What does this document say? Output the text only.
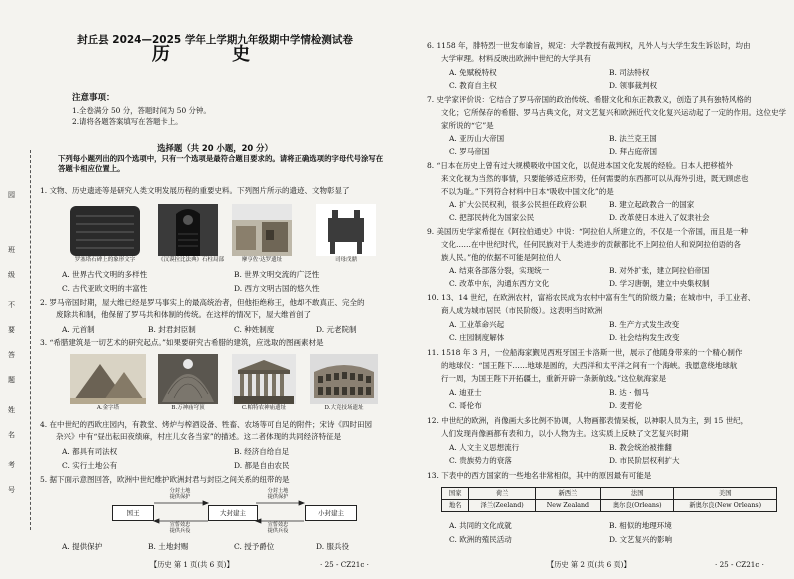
园
班
级
不
要
答
题
姓
名
考
号
封丘县 2024—2025 学年上学期九年级期中学情检测试卷
历 史
注意事项：
1.全卷满分 50 分，答题时间为 50 分钟。
2.请将各题答案填写在答题卡上。
选择题（共 20 小题，20 分）
下列每小题列出的四个选项中，只有一个选项是最符合题目要求的。请将正确选项的字母代号涂写在答题卡相应位置上。
1. 文物、历史遗迹等是研究人类文明发展历程的重要史料。下列图片所示的遗迹、文物彰显了
罗塞塔石碑上的象形文字	《汉谟拉比法典》石柱局部	摩亨佐·达罗遗址	司母戊鼎
A. 世界古代文明的多样性	B. 世界文明交流的广泛性
C. 古代亚欧文明的丰富性	D. 西方文明古国的悠久性
2. 罗马帝国时期，屋大维已经是罗马事实上的最高统治者，但他拒绝称王，他却不敢真正、完全的
废除共和制，他保留了罗马共和体制的传统。在这样的情况下，屋大维首创了
A. 元首制	B. 封君封臣制	C. 种姓制度	D. 元老院制
3. “希腊建筑是一切艺术的研究起点。”如果要研究古希腊的建筑，应选取的图画素材是
A.金字塔	B.万神庙穹顶	C.帕特农神庙遗址	D.大竞技场遗址
4. 在中世纪的西欧庄园内，有教堂、烤炉与榨酒设备、牲畜、农场等可自足的附件；宋诗《四时田园
杂兴》中有“昼出耘田夜绩麻，村庄儿女各当家”的描述。这二者体现的共同经济特征是
A. 都具有司法权	B. 经济自给自足
C. 实行土地公有	D. 都是自由农民
5. 据下面示意图回答，欧洲中世纪维护欧洲封君与封臣之间关系的纽带的是
国王	大封建主	小封建主
分封土地
提供保护
宣誓效忠
提供兵役
分封土地
提供保护
宣誓效忠
提供兵役
A. 提供保护	B. 土地封赐	C. 授予爵位	D. 服兵役
【历史 第 1 页(共 6 页)】	· 25 - CZ21c ·
6. 1158 年，腓特烈一世发布谕旨，规定：大学教授有裁判权，凡外人与大学生发生诉讼时，均由
大学审理。材料反映出欧洲中世纪的大学具有
A. 免赋税特权	B. 司法特权
C. 教育自主权	D. 领事裁判权
7. 史学家评价说：它结合了罗马帝国的政治传统、希腊文化和东正教教义，创造了具有独特风格的
文化；它所保存的希腊、罗马古典文化，对文艺复兴和欧洲近代文化复兴运动起了一定的作用。这位史学
家所说的“它”是
A. 亚历山大帝国	B. 法兰克王国
C. 罗马帝国	D. 拜占庭帝国
8. “日本在历史上曾有过大规模吸收中国文化，以促进本国文化发展的经验。日本人把移植外
来文化视为当然的事情，只要能够适应形势，任何需要的东西都可以从海外引进，既无顾虑也
不以为耻。”下列符合材料中日本“吸收中国文化”的是
A. 扩大公民权利，很多公民担任政府公职	B. 建立起政教合一的国家
C. 把部民转化为国家公民	D. 改革使日本进入了奴隶社会
9. 美国历史学家希提在《阿拉伯通史》中说：“阿拉伯人所建立的，不仅是一个帝国，而且是一种
文化……在中世纪时代，任何民族对于人类进步的贡献都比不上阿拉伯人和说阿拉伯语的各
族人民。”他的依据不可能是阿拉伯人
A. 结束各部落分裂，实现统一	B. 对外扩张，建立阿拉伯帝国
C. 改革中东，沟通东西方文化	D. 学习唐朝，建立中央集权制
10. 13、14 世纪，在欧洲农村，富裕农民成为农村中富有生气的阶级力量；在城市中，手工业者、
商人成为城市居民（市民阶级）。这表明当时欧洲
A. 工业革命兴起	B. 生产方式发生改变
C. 庄园制度解体	D. 社会结构发生改变
11. 1518 年 3 月，一位船海家觐见西班牙国王卡洛斯一世，展示了他随身带来的一个精心制作
的地球仪：“国王陛下……地球是圆的，大西洋和太平洋之间有一个海峡。我愿意绕地球航
行一周，为国王陛下开拓疆土，重新开辟一条新航线。”这位航海家是
A. 迪亚士	B. 达 · 伽马
C. 哥伦布	D. 麦哲伦
12. 中世纪的欧洲，肖像画大多比例不协调，人物画都表情呆板，以神职人员为主，到 15 世纪，
人们发现肖像画都有表和力，以小人物为主。这实质上反映了文艺复兴时期
A. 人文主义思想流行	B. 教会统治被推翻
C. 贵族势力的衰落	D. 市民阶层权利扩大
13. 下表中的西方国家的一些地名非常相似，其中的原因最有可能是
国家	荷兰	新西兰	法国	美国
地名	泽兰(Zeeland)	New Zealand	奥尔良(Orleans)	新奥尔良(New Orleans)
A. 共同的文化成就	B. 相似的地理环境
C. 欧洲的殖民活动	D. 文艺复兴的影响
【历史 第 2 页(共 6 页)】	· 25 - CZ21c ·
